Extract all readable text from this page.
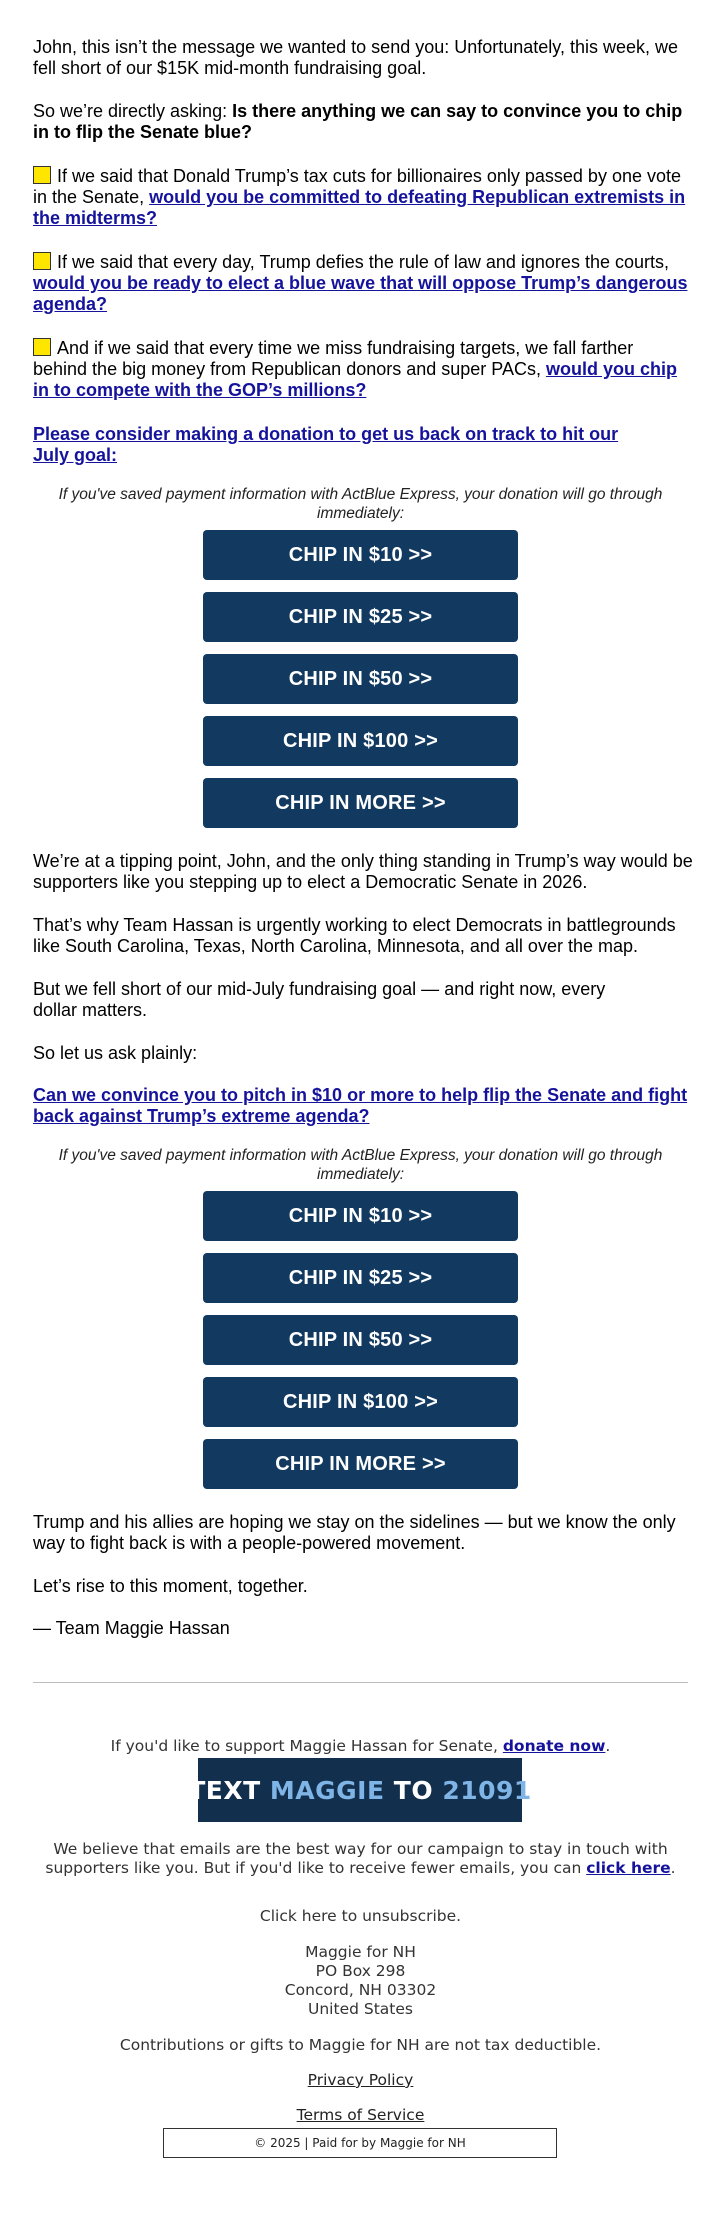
John, this isn’t the message we wanted to send you: Unfortunately, this week, we fell short of our $15K mid-month fundraising goal.

So we’re directly asking: Is there anything we can say to convince you to chip in to flip the Senate blue?

If we said that Donald Trump’s tax cuts for billionaires only passed by one vote in the Senate, would you be committed to defeating Republican extremists in the midterms?

If we said that every day, Trump defies the rule of law and ignores the courts, would you be ready to elect a blue wave that will oppose Trump’s dangerous agenda?

And if we said that every time we miss fundraising targets, we fall farther behind the big money from Republican donors and super PACs, would you chip in to compete with the GOP’s millions?

Please consider making a donation to get us back on track to hit our July goal:

If you've saved payment information with ActBlue Express, your donation will go through immediately:
CHIP IN $10 >>
CHIP IN $25 >>
CHIP IN $50 >>
CHIP IN $100 >>
CHIP IN MORE >>

We’re at a tipping point, John, and the only thing standing in Trump’s way would be supporters like you stepping up to elect a Democratic Senate in 2026.

That’s why Team Hassan is urgently working to elect Democrats in battlegrounds like South Carolina, Texas, North Carolina, Minnesota, and all over the map.

But we fell short of our mid-July fundraising goal — and right now, every dollar matters.

So let us ask plainly:

Can we convince you to pitch in $10 or more to help flip the Senate and fight back against Trump’s extreme agenda?

If you've saved payment information with ActBlue Express, your donation will go through immediately:
CHIP IN $10 >>
CHIP IN $25 >>
CHIP IN $50 >>
CHIP IN $100 >>
CHIP IN MORE >>

Trump and his allies are hoping we stay on the sidelines — but we know the only way to fight back is with a people-powered movement.

Let’s rise to this moment, together.

— Team Maggie Hassan

If you'd like to support Maggie Hassan for Senate, donate now.
TEXT
MAGGIE
TO
21091
We believe that emails are the best way for our campaign to stay in touch with supporters like you. But if you'd like to receive fewer emails, you can click here.
Click here to unsubscribe.
Maggie for NH
PO Box 298
Concord, NH 03302
United States
Contributions or gifts to Maggie for NH are not tax deductible.
Privacy Policy
Terms of Service
© 2025 | Paid for by Maggie for NH
